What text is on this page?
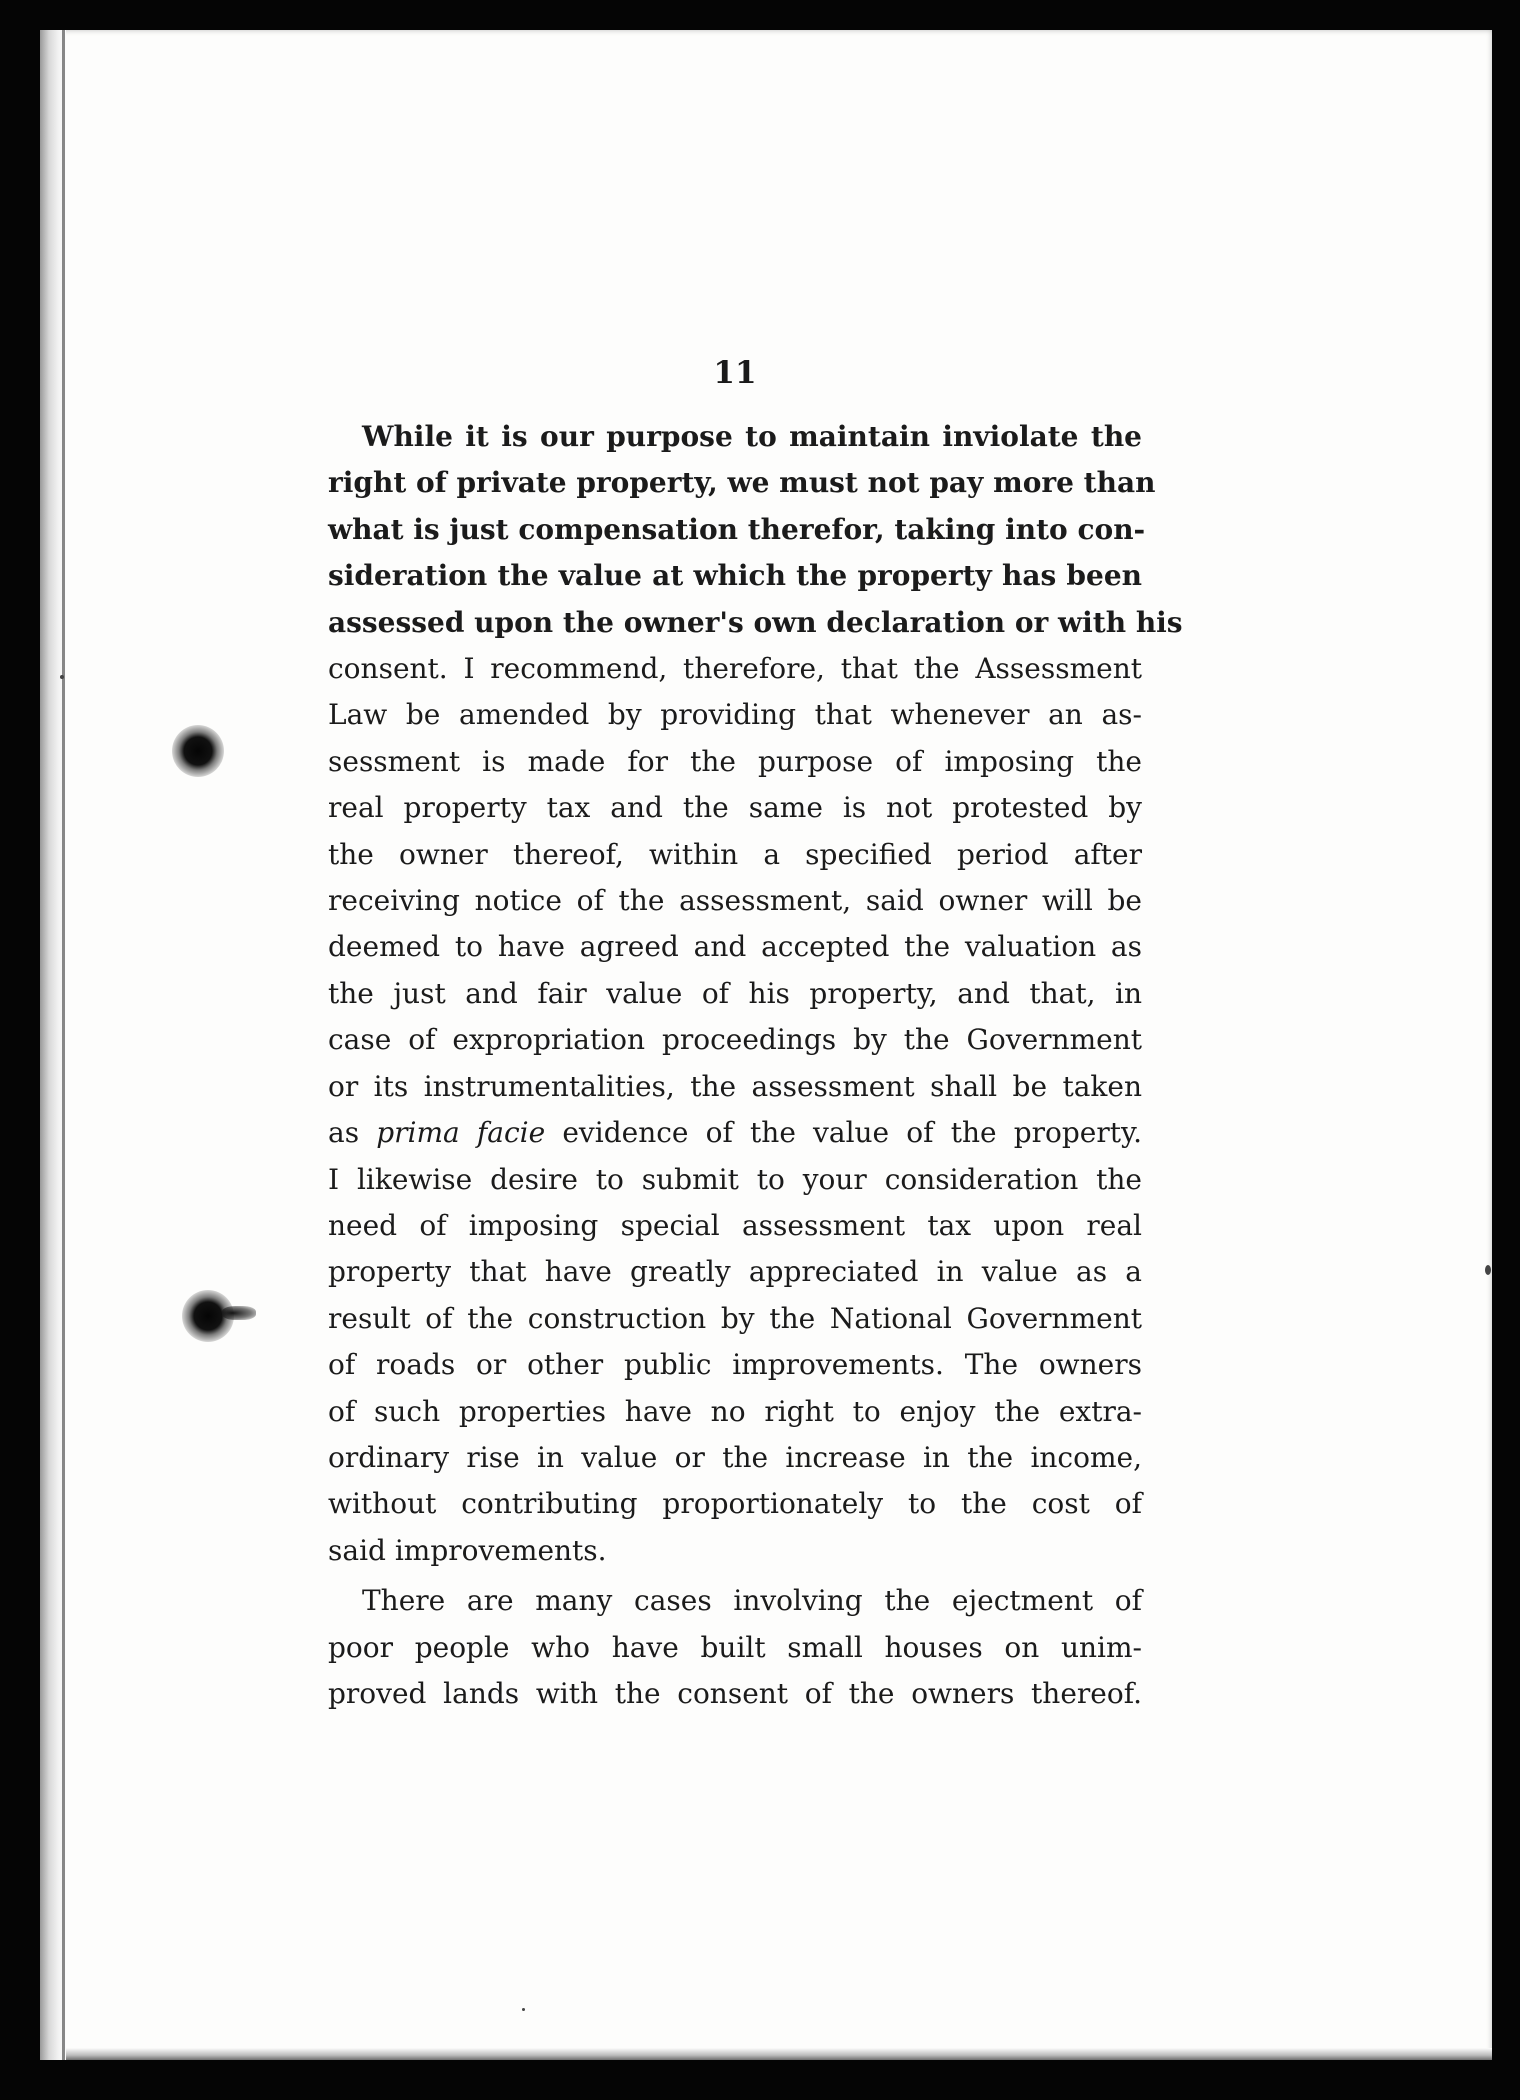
11

While it is our purpose to maintain inviolate the
right of private property, we must not pay more than
what is just compensation therefor, taking into con-
sideration the value at which the property has been
assessed upon the owner's own declaration or with his
consent. I recommend, therefore, that the Assessment
Law be amended by providing that whenever an as-
sessment is made for the purpose of imposing the
real property tax and the same is not protested by
the owner thereof, within a specified period after
receiving notice of the assessment, said owner will be
deemed to have agreed and accepted the valuation as
the just and fair value of his property, and that, in
case of expropriation proceedings by the Government
or its instrumentalities, the assessment shall be taken
as prima facie evidence of the value of the property.
I likewise desire to submit to your consideration the
need of imposing special assessment tax upon real
property that have greatly appreciated in value as a
result of the construction by the National Government
of roads or other public improvements. The owners
of such properties have no right to enjoy the extra-
ordinary rise in value or the increase in the income,
without contributing proportionately to the cost of
said improvements.

There are many cases involving the ejectment of
poor people who have built small houses on unim-
proved lands with the consent of the owners thereof.
